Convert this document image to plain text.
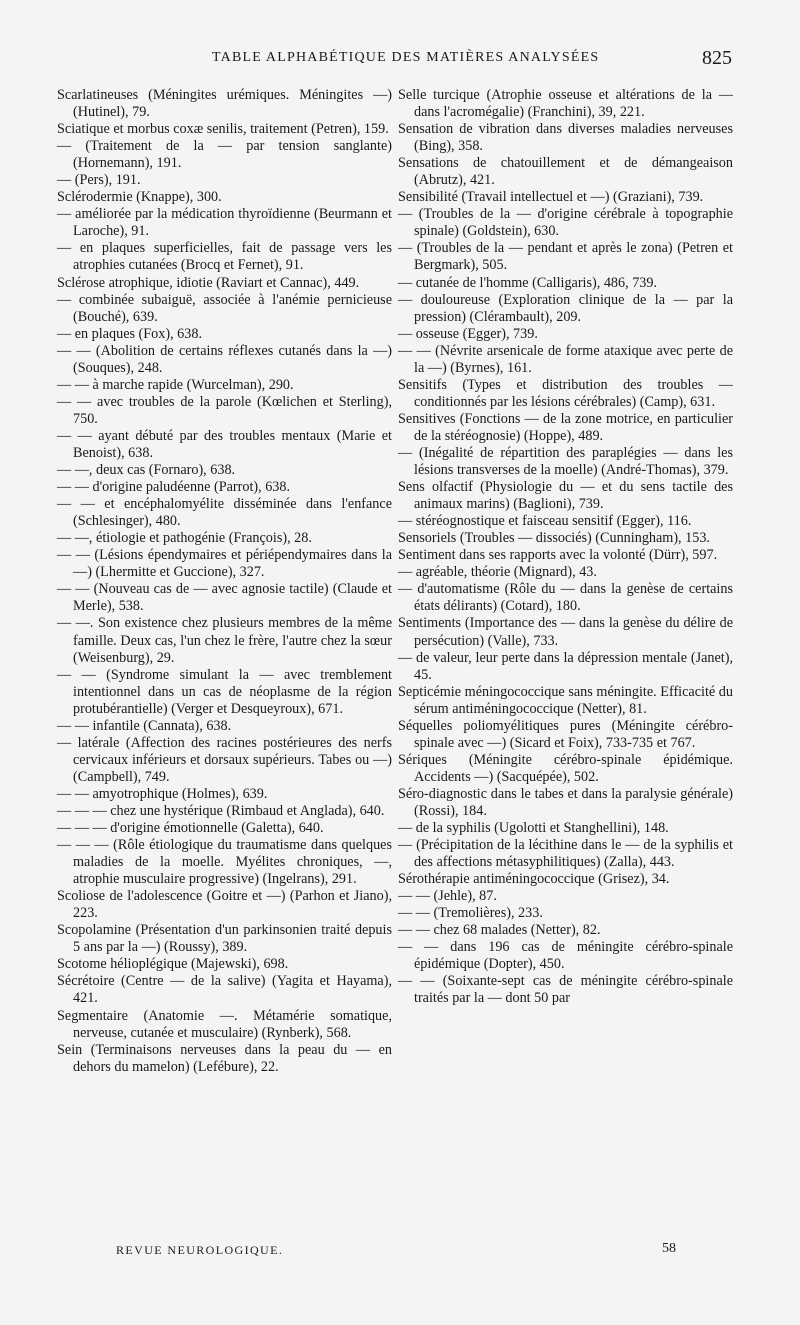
TABLE ALPHABÉTIQUE DES MATIÈRES ANALYSÉES	825

Scarlatineuses (Méningites urémiques. Méningites —) (Hutinel), 79.

Sciatique et morbus coxæ senilis, traitement (Petren), 159.

— (Traitement de la — par tension sanglante) (Hornemann), 191.

— (Pers), 191.

Sclérodermie (Knappe), 300.

— améliorée par la médication thyroïdienne (Beurmann et Laroche), 91.

— en plaques superficielles, fait de passage vers les atrophies cutanées (Brocq et Fernet), 91.

Sclérose atrophique, idiotie (Raviart et Cannac), 449.

— combinée subaiguë, associée à l'anémie pernicieuse (Bouché), 639.

— en plaques (Fox), 638.

— — (Abolition de certains réflexes cutanés dans la —) (Souques), 248.

— — à marche rapide (Wurcelman), 290.

— — avec troubles de la parole (Kœlichen et Sterling), 750.

— — ayant débuté par des troubles mentaux (Marie et Benoist), 638.

— —, deux cas (Fornaro), 638.

— — d'origine paludéenne (Parrot), 638.

— — et encéphalomyélite disséminée dans l'enfance (Schlesinger), 480.

— —, étiologie et pathogénie (François), 28.

— — (Lésions épendymaires et périépendymaires dans la —) (Lhermitte et Guccione), 327.

— — (Nouveau cas de — avec agnosie tactile) (Claude et Merle), 538.

— —. Son existence chez plusieurs membres de la même famille. Deux cas, l'un chez le frère, l'autre chez la sœur (Weisenburg), 29.

— — (Syndrome simulant la — avec tremblement intentionnel dans un cas de néoplasme de la région protubérantielle) (Verger et Desqueyroux), 671.

— — infantile (Cannata), 638.

— latérale (Affection des racines postérieures des nerfs cervicaux inférieurs et dorsaux supérieurs. Tabes ou —) (Campbell), 749.

— — amyotrophique (Holmes), 639.

— — — chez une hystérique (Rimbaud et Anglada), 640.

— — — d'origine émotionnelle (Galetta), 640.

— — — (Rôle étiologique du traumatisme dans quelques maladies de la moelle. Myélites chroniques, —, atrophie musculaire progressive) (Ingelrans), 291.

Scoliose de l'adolescence (Goitre et —) (Parhon et Jiano), 223.

Scopolamine (Présentation d'un parkinsonien traité depuis 5 ans par la —) (Roussy), 389.

Scotome hélioplégique (Majewski), 698.

Sécrétoire (Centre — de la salive) (Yagita et Hayama), 421.

Segmentaire (Anatomie —. Métamérie somatique, nerveuse, cutanée et musculaire) (Rynberk), 568.

Sein (Terminaisons nerveuses dans la peau du — en dehors du mamelon) (Lefébure), 22.

Selle turcique (Atrophie osseuse et altérations de la — dans l'acromégalie) (Franchini), 39, 221.

Sensation de vibration dans diverses maladies nerveuses (Bing), 358.

Sensations de chatouillement et de démangeaison (Abrutz), 421.

Sensibilité (Travail intellectuel et —) (Graziani), 739.

— (Troubles de la — d'origine cérébrale à topographie spinale) (Goldstein), 630.

— (Troubles de la — pendant et après le zona) (Petren et Bergmark), 505.

— cutanée de l'homme (Calligaris), 486, 739.

— douloureuse (Exploration clinique de la — par la pression) (Clérambault), 209.

— osseuse (Egger), 739.

— — (Névrite arsenicale de forme ataxique avec perte de la —) (Byrnes), 161.

Sensitifs (Types et distribution des troubles — conditionnés par les lésions cérébrales) (Camp), 631.

Sensitives (Fonctions — de la zone motrice, en particulier de la stéréognosie) (Hoppe), 489.

— (Inégalité de répartition des paraplégies — dans les lésions transverses de la moelle) (André-Thomas), 379.

Sens olfactif (Physiologie du — et du sens tactile des animaux marins) (Baglioni), 739.

— stéréognostique et faisceau sensitif (Egger), 116.

Sensoriels (Troubles — dissociés) (Cunningham), 153.

Sentiment dans ses rapports avec la volonté (Dürr), 597.

— agréable, théorie (Mignard), 43.

— d'automatisme (Rôle du — dans la genèse de certains états délirants) (Cotard), 180.

Sentiments (Importance des — dans la genèse du délire de persécution) (Valle), 733.

— de valeur, leur perte dans la dépression mentale (Janet), 45.

Septicémie méningococcique sans méningite. Efficacité du sérum antiméningococcique (Netter), 81.

Séquelles poliomyélitiques pures (Méningite cérébro-spinale avec —) (Sicard et Foix), 733-735 et 767.

Sériques (Méningite cérébro-spinale épidémique. Accidents —) (Sacquépée), 502.

Séro-diagnostic dans le tabes et dans la paralysie générale) (Rossi), 184.

— de la syphilis (Ugolotti et Stanghellini), 148.

— (Précipitation de la lécithine dans le — de la syphilis et des affections métasyphilitiques) (Zalla), 443.

Sérothérapie antiméningococcique (Grisez), 34.

— — (Jehle), 87.

— — (Tremolières), 233.

— — chez 68 malades (Netter), 82.

— — dans 196 cas de méningite cérébro-spinale épidémique (Dopter), 450.

— — (Soixante-sept cas de méningite cérébro-spinale traités par la — dont 50 par

REVUE NEUROLOGIQUE.	58
